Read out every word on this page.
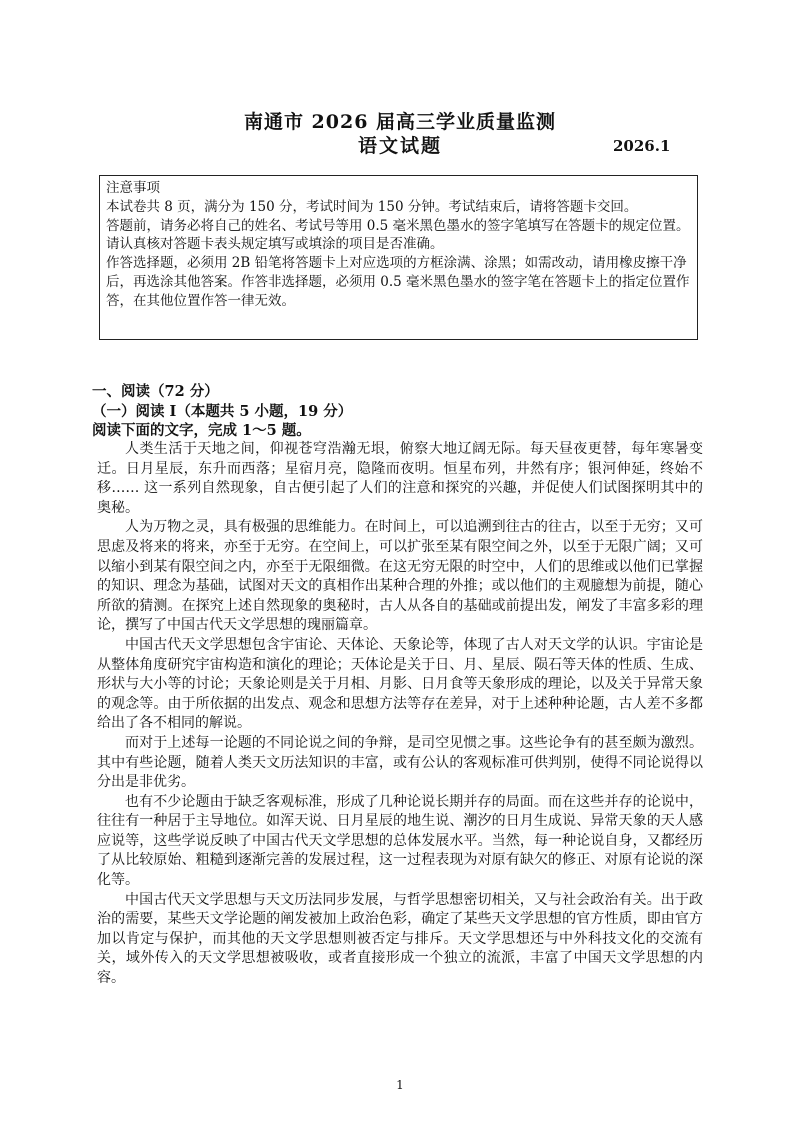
南通市 2026 届高三学业质量监测
语文试题	2026.1
注意事项
本试卷共 8 页，满分为 150 分，考试时间为 150 分钟。考试结束后，请将答题卡交回。
答题前，请务必将自己的姓名、考试号等用 0.5 毫米黑色墨水的签字笔填写在答题卡的规定位置。
请认真核对答题卡表头规定填写或填涂的项目是否准确。
作答选择题，必须用 2B 铅笔将答题卡上对应选项的方框涂满、涂黑；如需改动，请用橡皮擦干净后，再选涂其他答案。作答非选择题，必须用 0.5 毫米黑色墨水的签字笔在答题卡上的指定位置作答，在其他位置作答一律无效。
一、阅读（72 分）
（一）阅读 Ⅰ（本题共 5 小题，19 分）
阅读下面的文字，完成 1～5 题。

人类生活于天地之间，仰视苍穹浩瀚无垠，俯察大地辽阔无际。每天昼夜更替，每年寒暑变迁。日月星辰，东升而西落；星宿月亮，隐隆而夜明。恒星布列，井然有序；银河伸延，终始不移…… 这一系列自然现象，自古便引起了人们的注意和探究的兴趣，并促使人们试图探明其中的奥秘。

人为万物之灵，具有极强的思维能力。在时间上，可以追溯到往古的往古，以至于无穷；又可思虑及将来的将来，亦至于无穷。在空间上，可以扩张至某有限空间之外，以至于无限广阔；又可以缩小到某有限空间之内，亦至于无限细微。在这无穷无限的时空中，人们的思维或以他们已掌握的知识、理念为基础，试图对天文的真相作出某种合理的外推；或以他们的主观臆想为前提，随心所欲的猜测。在探究上述自然现象的奥秘时，古人从各自的基础或前提出发，阐发了丰富多彩的理论，撰写了中国古代天文学思想的瑰丽篇章。

中国古代天文学思想包含宇宙论、天体论、天象论等，体现了古人对天文学的认识。宇宙论是从整体角度研究宇宙构造和演化的理论；天体论是关于日、月、星辰、陨石等天体的性质、生成、形状与大小等的讨论；天象论则是关于月相、月影、日月食等天象形成的理论，以及关于异常天象的观念等。由于所依据的出发点、观念和思想方法等存在差异，对于上述种种论题，古人差不多都给出了各不相同的解说。

而对于上述每一论题的不同论说之间的争辩，是司空见惯之事。这些论争有的甚至颇为激烈。其中有些论题，随着人类天文历法知识的丰富，或有公认的客观标准可供判别，使得不同论说得以分出是非优劣。

也有不少论题由于缺乏客观标准，形成了几种论说长期并存的局面。而在这些并存的论说中，往往有一种居于主导地位。如浑天说、日月星辰的地生说、潮汐的日月生成说、异常天象的天人感应说等，这些学说反映了中国古代天文学思想的总体发展水平。当然，每一种论说自身，又都经历了从比较原始、粗糙到逐渐完善的发展过程，这一过程表现为对原有缺欠的修正、对原有论说的深化等。

中国古代天文学思想与天文历法同步发展，与哲学思想密切相关，又与社会政治有关。出于政治的需要，某些天文学论题的阐发被加上政治色彩，确定了某些天文学思想的官方性质，即由官方加以肯定与保护，而其他的天文学思想则被否定与排斥。天文学思想还与中外科技文化的交流有关，域外传入的天文学思想被吸收，或者直接形成一个独立的流派，丰富了中国天文学思想的内容。

1
